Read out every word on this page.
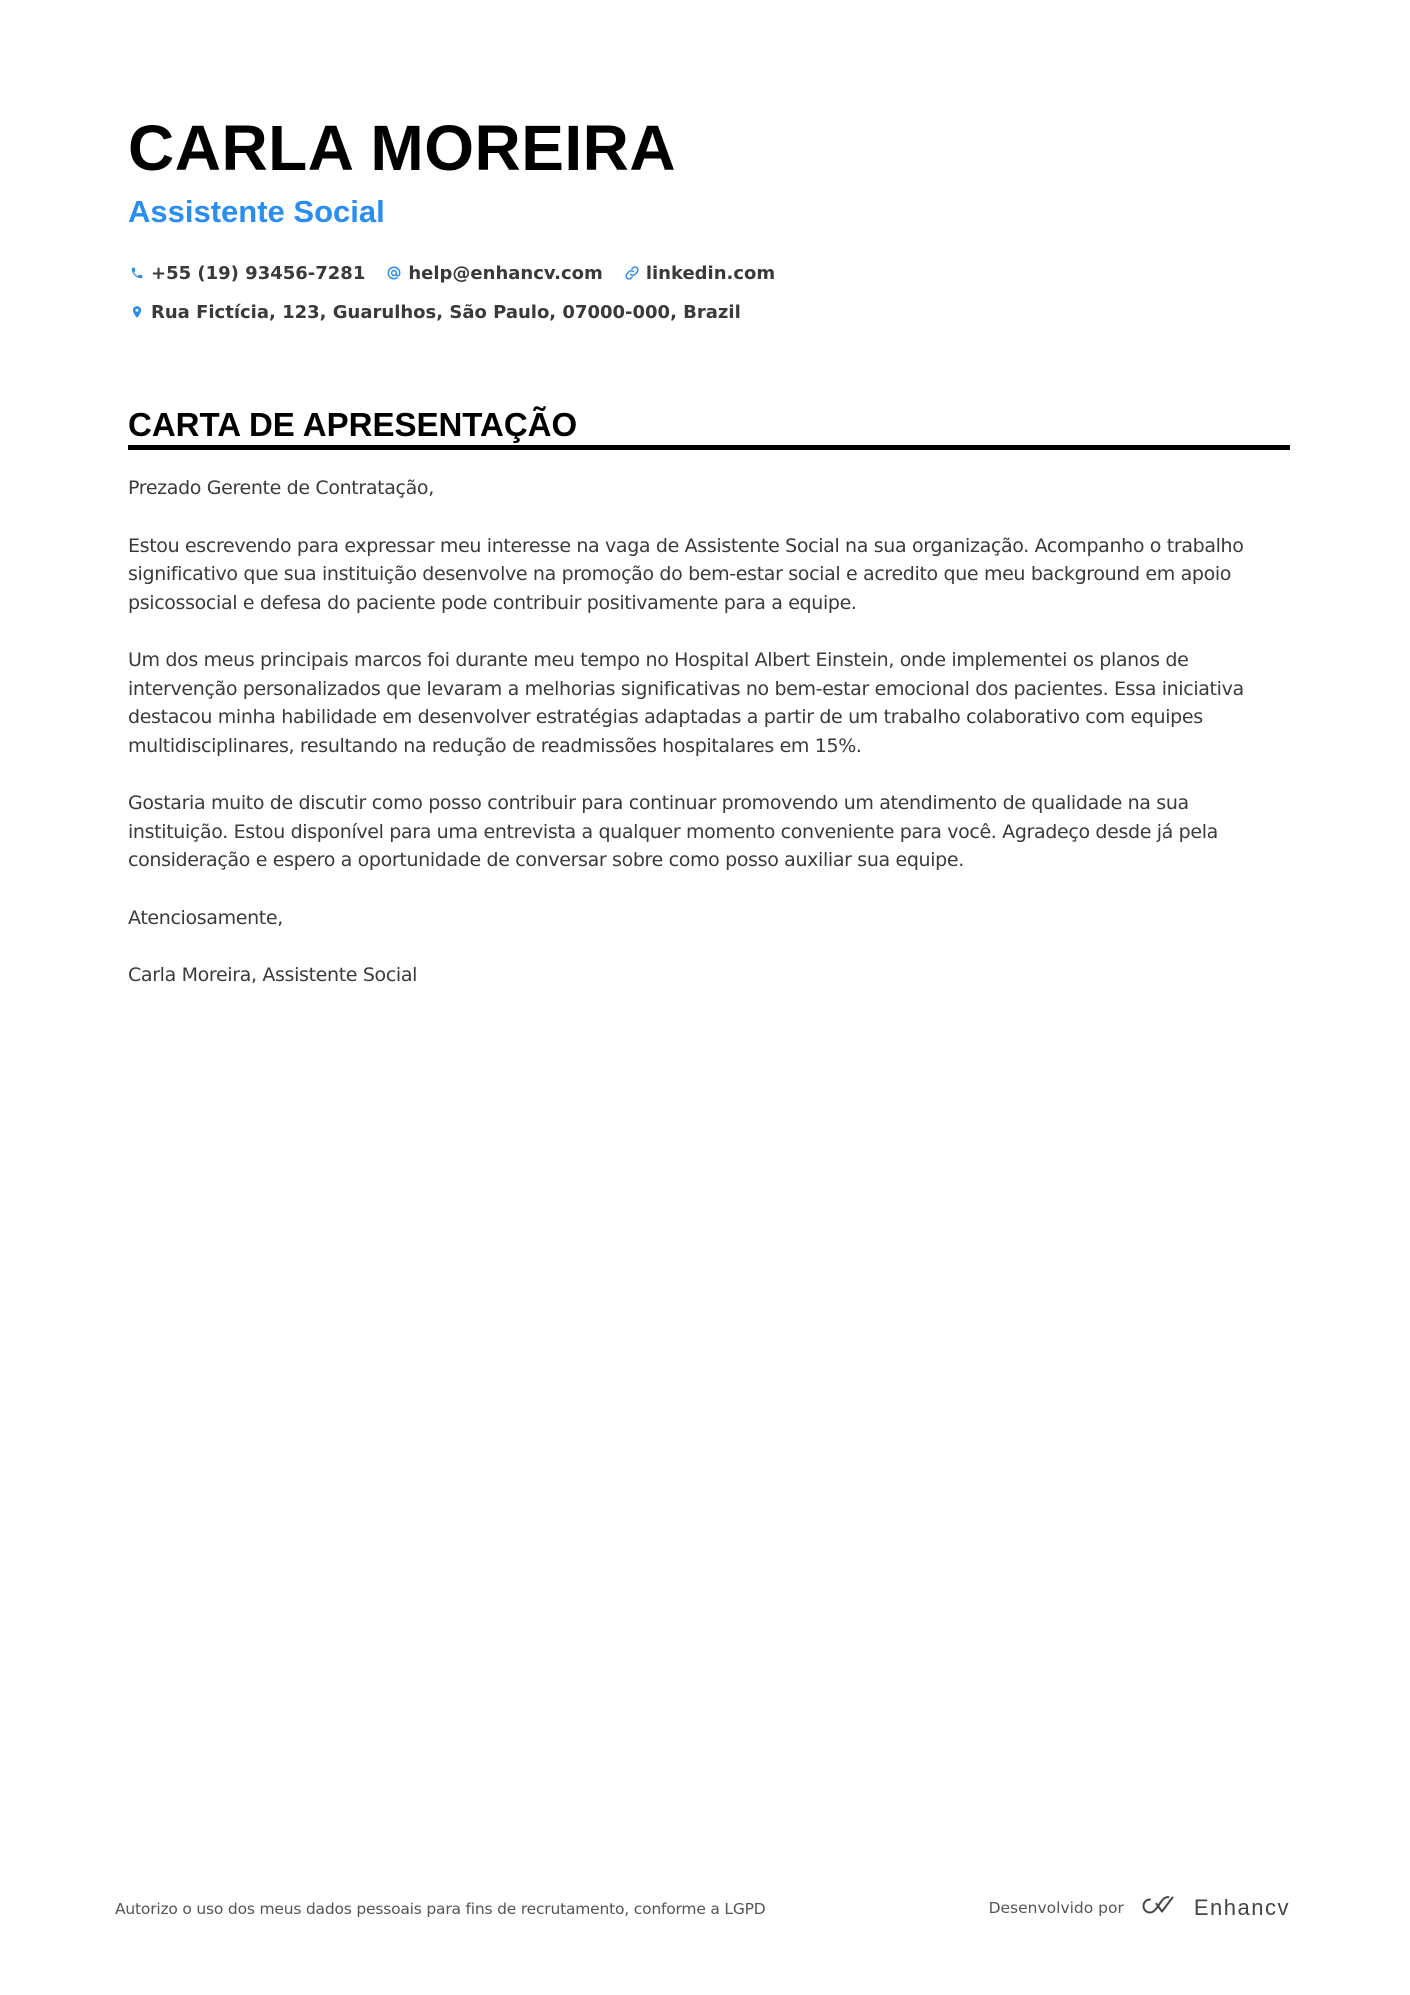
CARLA MOREIRA
Assistente Social
+55 (19) 93456-7281 help@enhancv.com linkedin.com
Rua Fictícia, 123, Guarulhos, São Paulo, 07000-000, Brazil
CARTA DE APRESENTAÇÃO

Prezado Gerente de Contratação,

Estou escrevendo para expressar meu interesse na vaga de Assistente Social na sua organização. Acompanho o trabalho significativo que sua instituição desenvolve na promoção do bem-estar social e acredito que meu background em apoio psicossocial e defesa do paciente pode contribuir positivamente para a equipe.

Um dos meus principais marcos foi durante meu tempo no Hospital Albert Einstein, onde implementei os planos de intervenção personalizados que levaram a melhorias significativas no bem-estar emocional dos pacientes. Essa iniciativa destacou minha habilidade em desenvolver estratégias adaptadas a partir de um trabalho colaborativo com equipes multidisciplinares, resultando na redução de readmissões hospitalares em 15%.

Gostaria muito de discutir como posso contribuir para continuar promovendo um atendimento de qualidade na sua instituição. Estou disponível para uma entrevista a qualquer momento conveniente para você. Agradeço desde já pela consideração e espero a oportunidade de conversar sobre como posso auxiliar sua equipe.

Atenciosamente,

Carla Moreira, Assistente Social

Autorizo o uso dos meus dados pessoais para fins de recrutamento, conforme a LGPD	Desenvolvido por	Enhancv
